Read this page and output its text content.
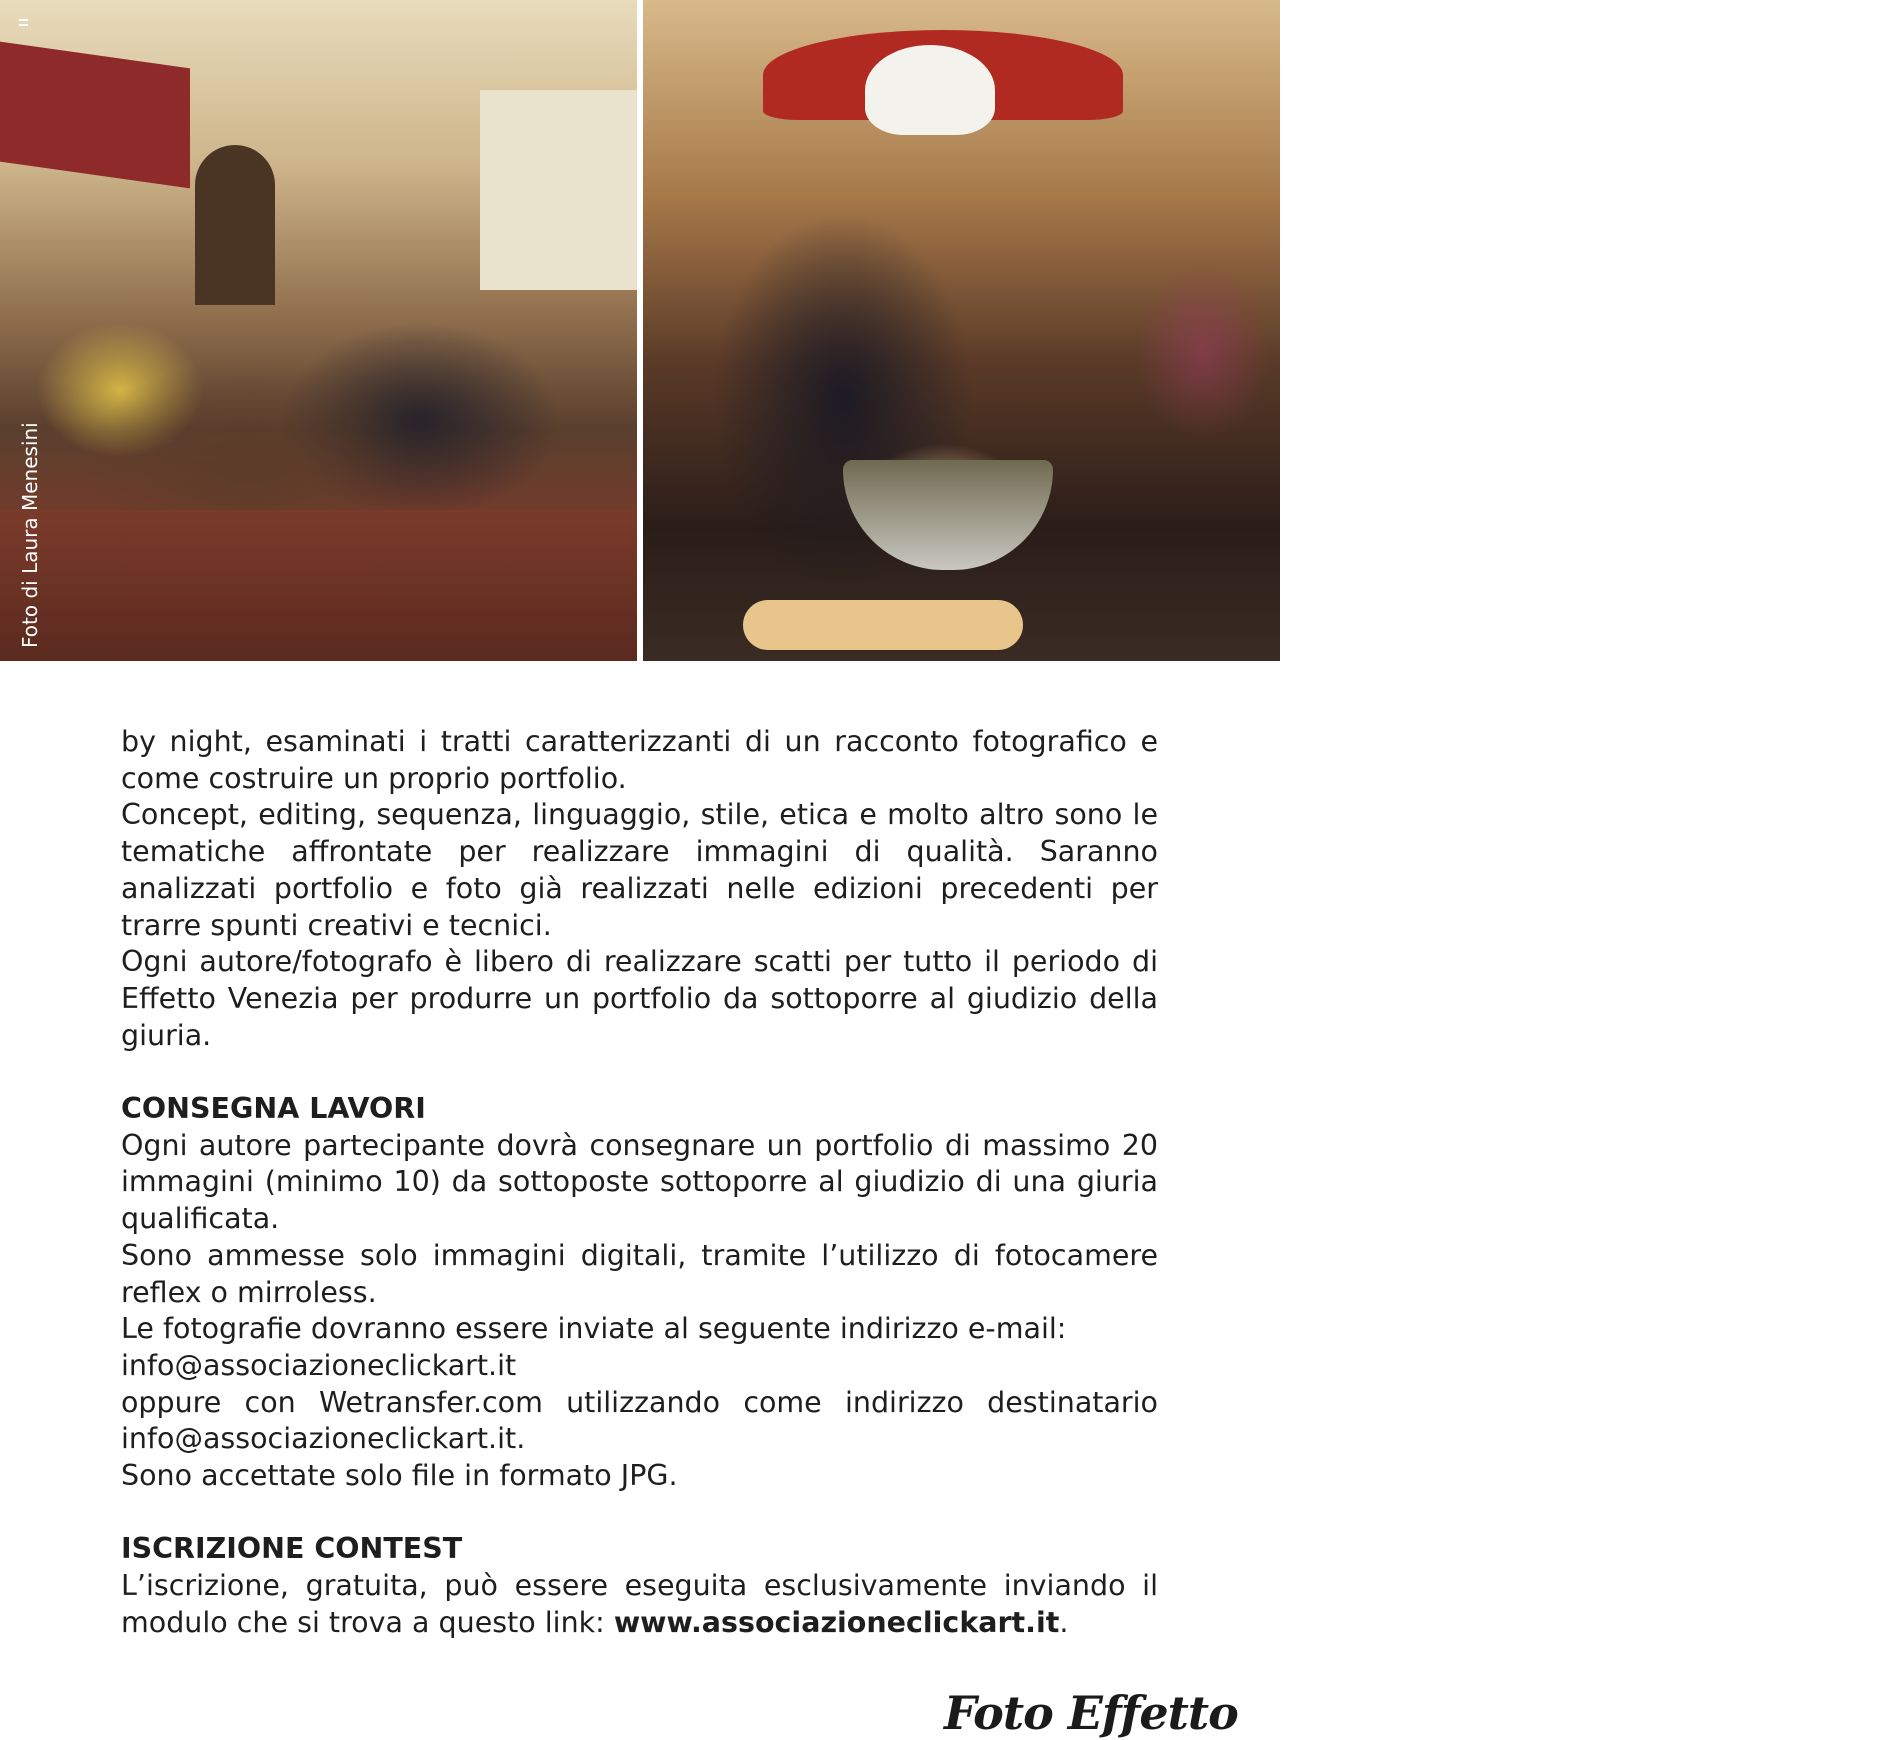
Foto di Laura Menesini	Foto di Cristina Provinciani

by night, esaminati i tratti caratterizzanti di un racconto fotografico e come costruire un proprio portfolio.

Concept, editing, sequenza, linguaggio, stile, etica e molto altro sono le tematiche affrontate per realizzare immagini di qualità. Saranno analizzati portfolio e foto già realizzati nelle edizioni precedenti per trarre spunti creativi e tecnici.

Ogni autore/fotografo è libero di realizzare scatti per tutto il periodo di Effetto Venezia per produrre un portfolio da sottoporre al giudizio della giuria.

CONSEGNA LAVORI

Ogni autore partecipante dovrà consegnare un portfolio di massimo 20 immagini (minimo 10) da sottoposte sottoporre al giudizio di una giuria qualificata.

Sono ammesse solo immagini digitali, tramite l’utilizzo di fotocamere reflex o mirroless.

Le fotografie dovranno essere inviate al seguente indirizzo e-mail:

info@associazioneclickart.it

oppure con Wetransfer.com utilizzando come indirizzo destinatario info@associazioneclickart.it.

Sono accettate solo file in formato JPG.

ISCRIZIONE CONTEST

L’iscrizione, gratuita, può essere eseguita esclusivamente inviando il modulo che si trova a questo link: www.associazioneclickart.it.

Foto Effetto
